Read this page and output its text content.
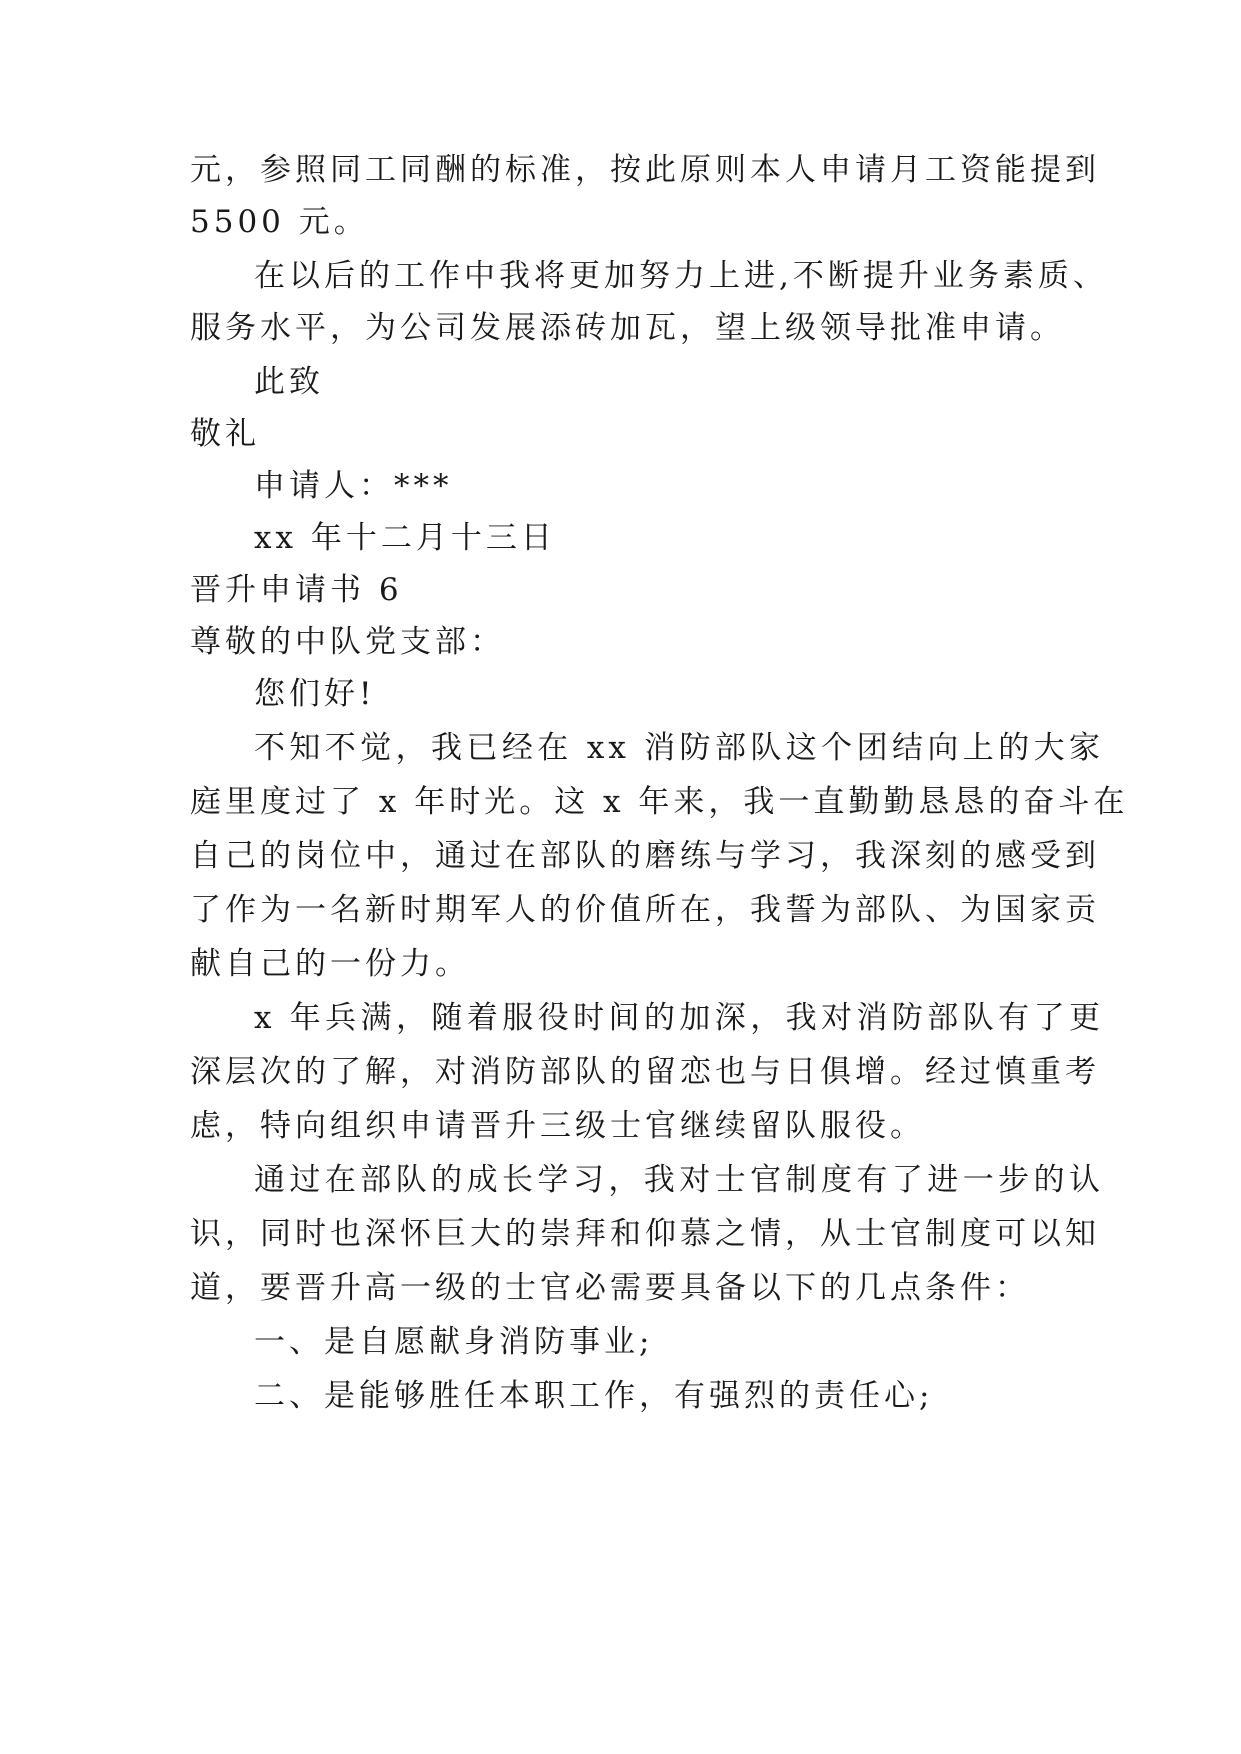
元，参照同工同酬的标准，按此原则本人申请月工资能提到
5500 元。
在以后的工作中我将更加努力上进,不断提升业务素质、
服务水平，为公司发展添砖加瓦，望上级领导批准申请。
此致
敬礼
申请人：***
xx 年十二月十三日
晋升申请书 6
尊敬的中队党支部：
您们好!
不知不觉，我已经在 xx 消防部队这个团结向上的大家
庭里度过了 x 年时光。这 x 年来，我一直勤勤恳恳的奋斗在
自己的岗位中，通过在部队的磨练与学习，我深刻的感受到
了作为一名新时期军人的价值所在，我誓为部队、为国家贡
献自己的一份力。
x 年兵满，随着服役时间的加深，我对消防部队有了更
深层次的了解，对消防部队的留恋也与日俱增。经过慎重考
虑，特向组织申请晋升三级士官继续留队服役。
通过在部队的成长学习，我对士官制度有了进一步的认
识，同时也深怀巨大的崇拜和仰慕之情，从士官制度可以知
道，要晋升高一级的士官必需要具备以下的几点条件：
一、是自愿献身消防事业;
二、是能够胜任本职工作，有强烈的责任心;
